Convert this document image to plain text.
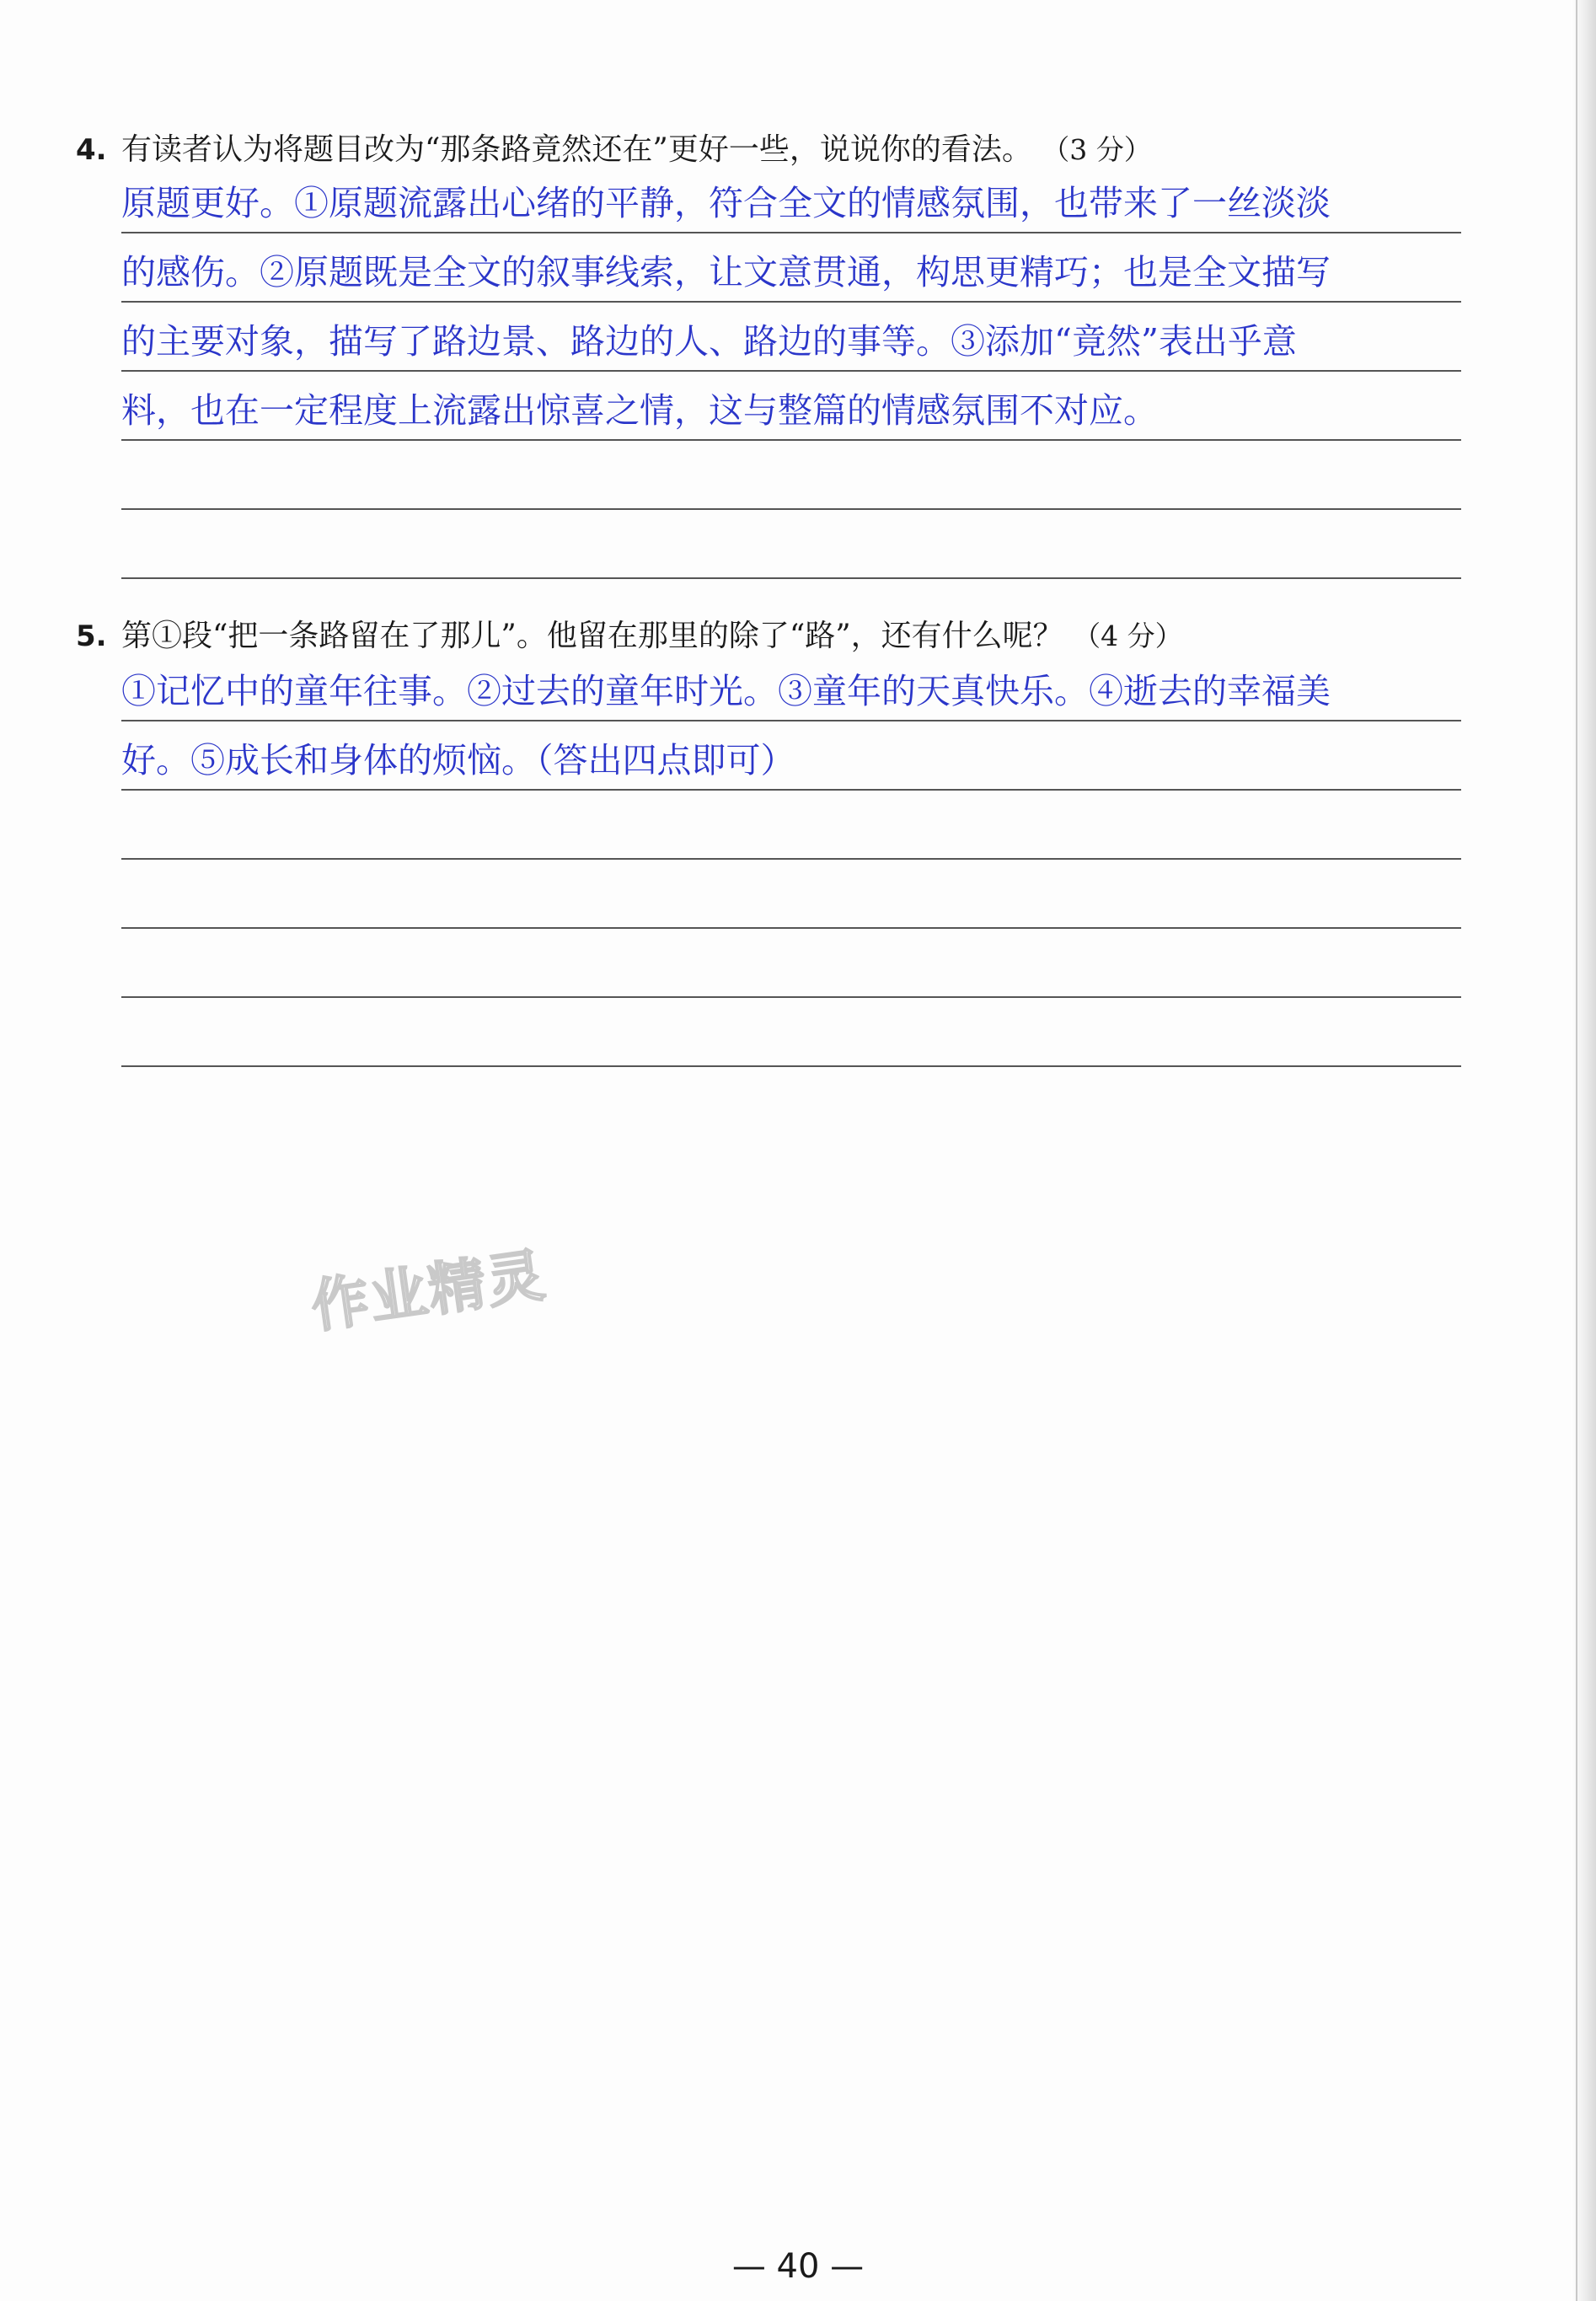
4. 有读者认为将题目改为“那条路竟然还在”更好一些，说说你的看法。 （3 分）
原题更好。①原题流露出心绪的平静，符合全文的情感氛围，也带来了一丝淡淡
的感伤。②原题既是全文的叙事线索，让文意贯通，构思更精巧；也是全文描写
的主要对象，描写了路边景、路边的人、路边的事等。③添加“竟然”表出乎意
料，也在一定程度上流露出惊喜之情，这与整篇的情感氛围不对应。
5. 第①段“把一条路留在了那儿”。他留在那里的除了“路”，还有什么呢？ （4 分）
①记忆中的童年往事。②过去的童年时光。③童年的天真快乐。④逝去的幸福美
好。⑤成长和身体的烦恼。（答出四点即可）
作业精灵
— 40 —
